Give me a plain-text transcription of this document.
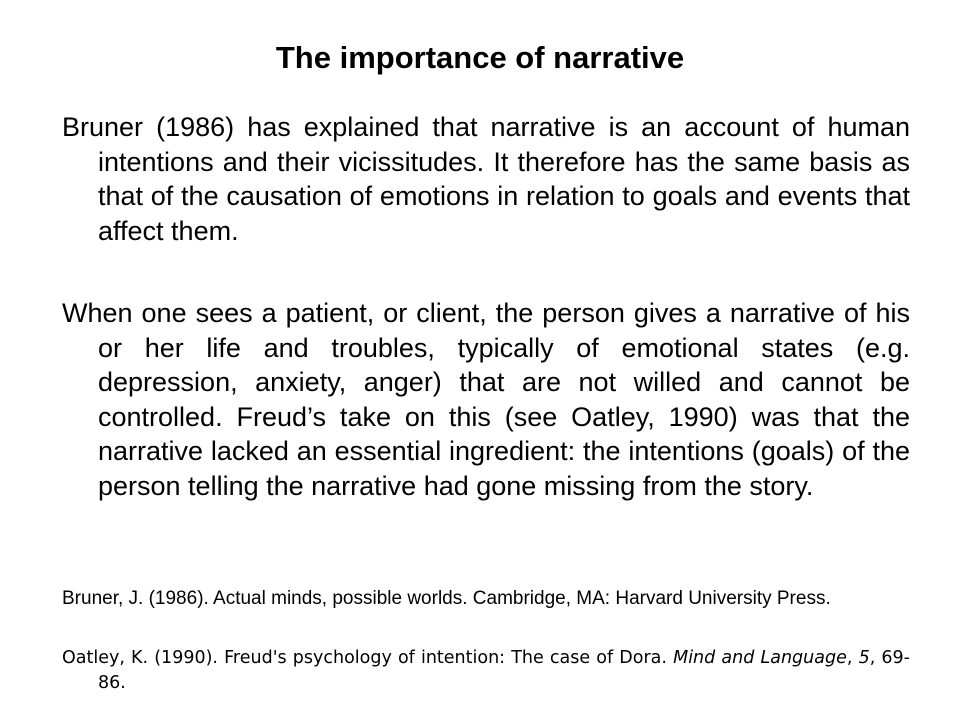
The importance of narrative
Bruner (1986) has explained that narrative is an account of human intentions and their vicissitudes. It therefore has the same basis as that of the causation of emotions in relation to goals and events that affect them.
When one sees a patient, or client, the person gives a narrative of his or her life and troubles, typically of emotional states (e.g. depression, anxiety, anger) that are not willed and cannot be controlled. Freud’s take on this (see Oatley, 1990) was that the narrative lacked an essential ingredient: the intentions (goals) of the person telling the narrative had gone missing from the story.
Bruner, J. (1986). Actual minds, possible worlds. Cambridge, MA: Harvard University Press.
Oatley, K. (1990). Freud's psychology of intention: The case of Dora. Mind and Language, 5, 69-86.
